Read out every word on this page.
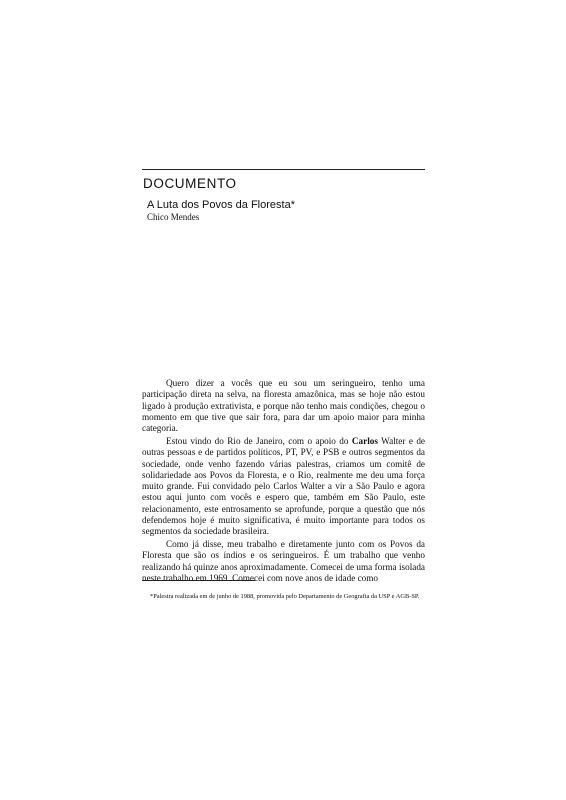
DOCUMENTO
A Luta dos Povos da Floresta*
Chico Mendes

Quero dizer a vocês que eu sou um seringueiro, tenho uma participação direta na selva, na floresta amazônica, mas se hoje não estou ligado à produção extrativista, e porque não tenho mais condições, chegou o momento em que tive que sair fora, para dar um apoio maior para minha categoria.

Estou vindo do Rio de Janeiro, com o apoio do Carlos Walter e de outras pessoas e de partidos políticos, PT, PV, e PSB e outros segmentos da sociedade, onde venho fazendo várias palestras, criamos um comitê de solidariedade aos Povos da Floresta, e o Rio, realmente me deu uma força muito grande. Fui convidado pelo Carlos Walter a vir a São Paulo e agora estou aqui junto com vocês e espero que, também em São Paulo, este relacionamento, este entrosamento se aprofunde, porque a questão que nós defendemos hoje é muito significativa, é muito importante para todos os segmentos da sociedade brasileira.

Como já disse, meu trabalho e diretamente junto com os Povos da Floresta que são os índios e os seringueiros. É um trabalho que venho realizando há quinze anos aproximadamente. Comecei de uma forma isolada neste trabalho em 1969. Comecei com nove anos de idade como

*Palestra realizada em de junho de 1988, promovida pelo Departamento de Geografia da USP e AGB-SP.
